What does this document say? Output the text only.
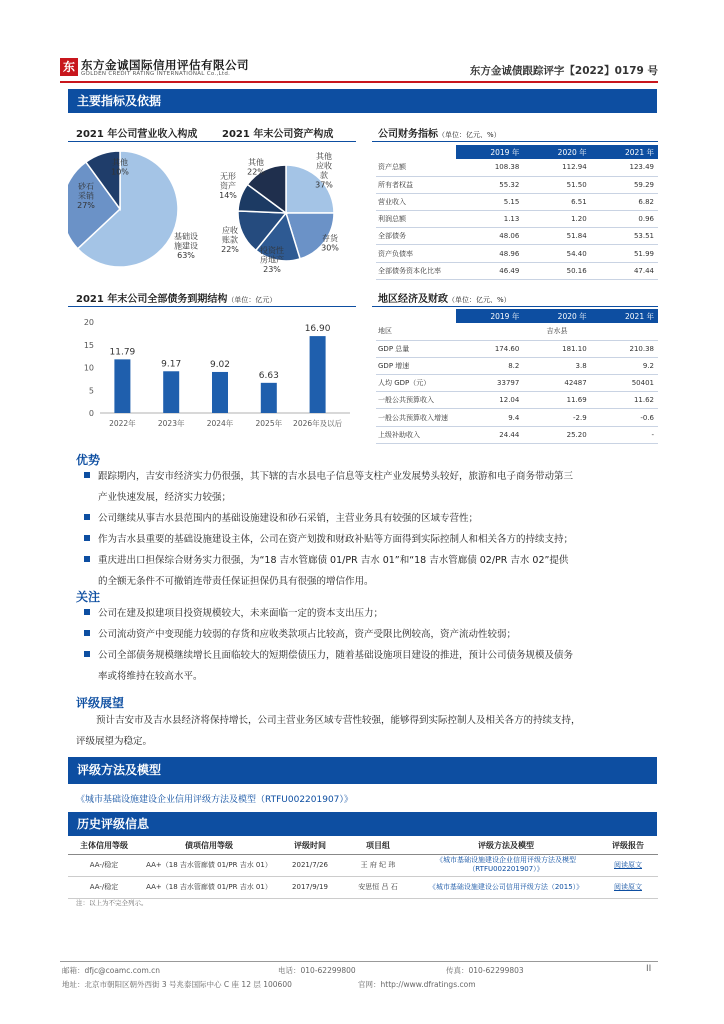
东 东方金诚国际信用评估有限公司
GOLDEN CREDIT RATING INTERNATIONAL Co.,Ltd.	东方金诚债跟踪评字【2022】0179 号
主要指标及依据
2021 年公司营业收入构成 2021 年末公司资产构成	公司财务指标（单位：亿元、%）
基础设施建设 63%
砂石采销 27%
其他 10%
其他应收款 37%
存货 30%
投资性房地产 23%
应收账款 22%
无形资产 14%
其他 22%
	2019 年	2020 年	2021 年
资产总额	108.38	112.94	123.49
所有者权益	55.32	51.50	59.29
营业收入	5.15	6.51	6.82
利润总额	1.13	1.20	0.96
全部债务	48.06	51.84	53.51
资产负债率	48.96	54.40	51.99
全部债务资本化比率	46.49	50.16	47.44
2021 年末公司全部债务到期结构（单位：亿元）	地区经济及财政（单位：亿元、%）
0
5
10
15
20
11.79
2022年
9.17
2023年
9.02
2024年
6.63
2025年
16.90
2026年及以后
	2019 年	2020 年	2021 年
地区	吉水县		
GDP 总量	174.60	181.10	210.38
GDP 增速	8.2	3.8	9.2
人均 GDP（元）	33797	42487	50401
一般公共预算收入	12.04	11.69	11.62
一般公共预算收入增速	9.4	-2.9	-0.6
上级补助收入	24.44	25.20	-
优势
跟踪期内，吉安市经济实力仍很强，其下辖的吉水县电子信息等支柱产业发展势头较好，旅游和电子商务带动第三
产业快速发展，经济实力较强；
公司继续从事吉水县范围内的基础设施建设和砂石采销，主营业务具有较强的区域专营性；
作为吉水县重要的基础设施建设主体，公司在资产划拨和财政补贴等方面得到实际控制人和相关各方的持续支持；
重庆进出口担保综合财务实力很强，为“18 吉水管廊债 01/PR 吉水 01”和“18 吉水管廊债 02/PR 吉水 02”提供
的全额无条件不可撤销连带责任保证担保仍具有很强的增信作用。
关注
公司在建及拟建项目投资规模较大，未来面临一定的资本支出压力；
公司流动资产中变现能力较弱的存货和应收类款项占比较高，资产受限比例较高，资产流动性较弱；
公司全部债务规模继续增长且面临较大的短期偿债压力，随着基础设施项目建设的推进，预计公司债务规模及债务
率或将维持在较高水平。
评级展望
预计吉安市及吉水县经济将保持增长，公司主营业务区域专营性较强，能够得到实际控制人及相关各方的持续支持，
评级展望为稳定。
评级方法及模型
《城市基础设施建设企业信用评级方法及模型（RTFU002201907）》
历史评级信息
主体信用等级	债项信用等级	评级时间	项目组	评级方法及模型	评级报告
AA-/稳定	AA+（18 吉水管廊债 01/PR 吉水 01）	2021/7/26	王 府 纪 玮	《城市基础设施建设企业信用评级方法及模型
（RTFU002201907）》	阅读原文
AA-/稳定	AA+（18 吉水管廊债 01/PR 吉水 01）	2017/9/19	安思恒 吕 石	《城市基础设施建设公司信用评级方法（2015）》	阅读原文
注：以上为不完全列示。
邮箱：dfjc@coamc.com.cn	电话：010-62299800	传真：010-62299803	II
地址：北京市朝阳区朝外西街 3 号兆泰国际中心 C 座 12 层 100600	官网：http://www.dfratings.com
